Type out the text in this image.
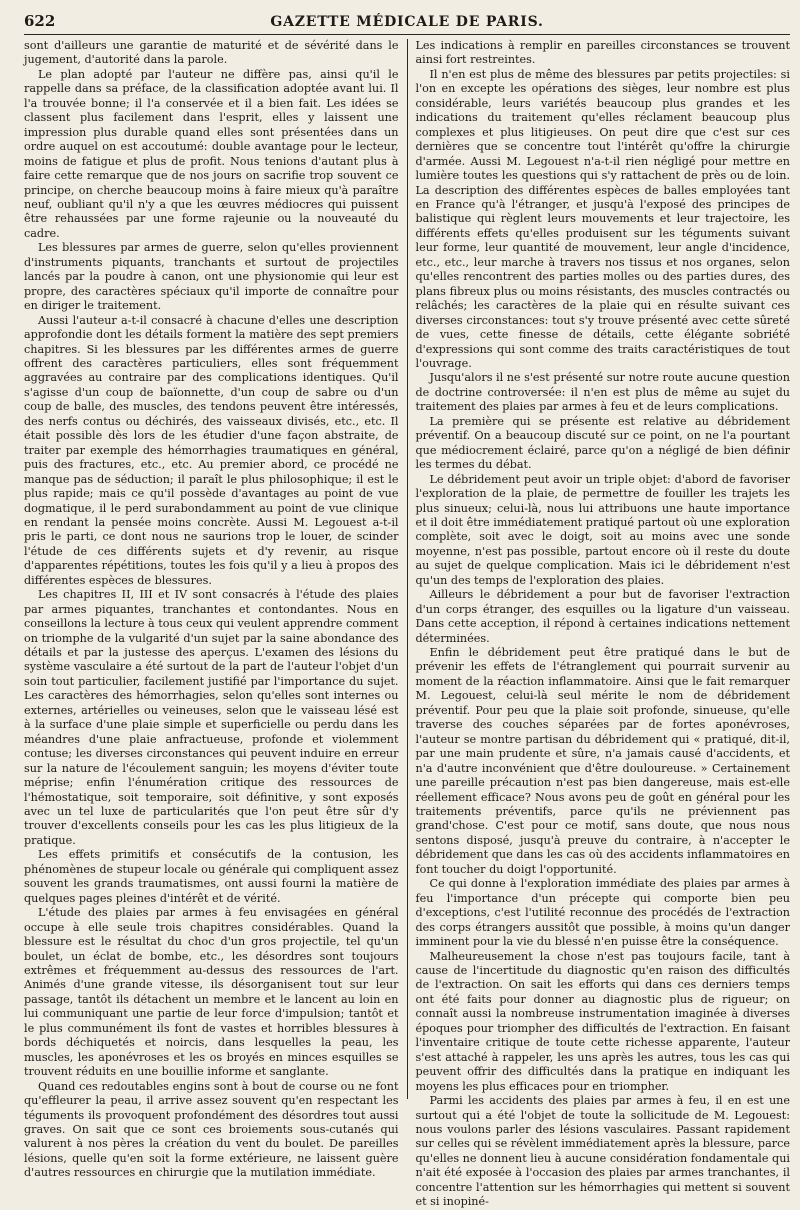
622	GAZETTE MÉDICALE DE PARIS.

sont d'ailleurs une garantie de maturité et de sévérité dans le jugement, d'autorité dans la parole.

Le plan adopté par l'auteur ne diffère pas, ainsi qu'il le rappelle dans sa préface, de la classification adoptée avant lui. Il l'a trouvée bonne; il l'a conservée et il a bien fait. Les idées se classent plus facilement dans l'esprit, elles y laissent une impression plus durable quand elles sont présentées dans un ordre auquel on est accoutumé: double avantage pour le lecteur, moins de fatigue et plus de profit. Nous tenions d'autant plus à faire cette remarque que de nos jours on sacrifie trop souvent ce principe, on cherche beaucoup moins à faire mieux qu'à paraître neuf, oubliant qu'il n'y a que les œuvres médiocres qui puissent être rehaussées par une forme rajeunie ou la nouveauté du cadre.

Les blessures par armes de guerre, selon qu'elles proviennent d'instruments piquants, tranchants et surtout de projectiles lancés par la poudre à canon, ont une physionomie qui leur est propre, des caractères spéciaux qu'il importe de connaître pour en diriger le traitement.

Aussi l'auteur a-t-il consacré à chacune d'elles une description approfondie dont les détails forment la matière des sept premiers chapitres. Si les blessures par les différentes armes de guerre offrent des caractères particuliers, elles sont fréquemment aggravées au contraire par des complications identiques. Qu'il s'agisse d'un coup de baïonnette, d'un coup de sabre ou d'un coup de balle, des muscles, des tendons peuvent être intéressés, des nerfs contus ou déchirés, des vaisseaux divisés, etc., etc. Il était possible dès lors de les étudier d'une façon abstraite, de traiter par exemple des hémorrhagies traumatiques en général, puis des fractures, etc., etc. Au premier abord, ce procédé ne manque pas de séduction; il paraît le plus philosophique; il est le plus rapide; mais ce qu'il possède d'avantages au point de vue dogmatique, il le perd surabondamment au point de vue clinique en rendant la pensée moins concrète. Aussi M. Legouest a-t-il pris le parti, ce dont nous ne saurions trop le louer, de scinder l'étude de ces différents sujets et d'y revenir, au risque d'apparentes répétitions, toutes les fois qu'il y a lieu à propos des différentes espèces de blessures.

Les chapitres II, III et IV sont consacrés à l'étude des plaies par armes piquantes, tranchantes et contondantes. Nous en conseillons la lecture à tous ceux qui veulent apprendre comment on triomphe de la vulgarité d'un sujet par la saine abondance des détails et par la justesse des aperçus. L'examen des lésions du système vasculaire a été surtout de la part de l'auteur l'objet d'un soin tout particulier, facilement justifié par l'importance du sujet. Les caractères des hémorrhagies, selon qu'elles sont internes ou externes, artérielles ou veineuses, selon que le vaisseau lésé est à la surface d'une plaie simple et superficielle ou perdu dans les méandres d'une plaie anfractueuse, profonde et violemment contuse; les diverses circonstances qui peuvent induire en erreur sur la nature de l'écoulement sanguin; les moyens d'éviter toute méprise; enfin l'énumération critique des ressources de l'hémostatique, soit temporaire, soit définitive, y sont exposés avec un tel luxe de particularités que l'on peut être sûr d'y trouver d'excellents conseils pour les cas les plus litigieux de la pratique.

Les effets primitifs et consécutifs de la contusion, les phénomènes de stupeur locale ou générale qui compliquent assez souvent les grands traumatismes, ont aussi fourni la matière de quelques pages pleines d'intérêt et de vérité.

L'étude des plaies par armes à feu envisagées en général occupe à elle seule trois chapitres considérables. Quand la blessure est le résultat du choc d'un gros projectile, tel qu'un boulet, un éclat de bombe, etc., les désordres sont toujours extrêmes et fréquemment au-dessus des ressources de l'art. Animés d'une grande vitesse, ils désorganisent tout sur leur passage, tantôt ils détachent un membre et le lancent au loin en lui communiquant une partie de leur force d'impulsion; tantôt et le plus communément ils font de vastes et horribles blessures à bords déchiquetés et noircis, dans lesquelles la peau, les muscles, les aponévroses et les os broyés en minces esquilles se trouvent réduits en une bouillie informe et sanglante.

Quand ces redoutables engins sont à bout de course ou ne font qu'effleurer la peau, il arrive assez souvent qu'en respectant les téguments ils provoquent profondément des désordres tout aussi graves. On sait que ce sont ces broiements sous-cutanés qui valurent à nos pères la création du vent du boulet. De pareilles lésions, quelle qu'en soit la forme extérieure, ne laissent guère d'autres ressources en chirurgie que la mutilation immédiate.

Les indications à remplir en pareilles circonstances se trouvent ainsi fort restreintes.

Il n'en est plus de même des blessures par petits projectiles: si l'on en excepte les opérations des sièges, leur nombre est plus considérable, leurs variétés beaucoup plus grandes et les indications du traitement qu'elles réclament beaucoup plus complexes et plus litigieuses. On peut dire que c'est sur ces dernières que se concentre tout l'intérêt qu'offre la chirurgie d'armée. Aussi M. Legouest n'a-t-il rien négligé pour mettre en lumière toutes les questions qui s'y rattachent de près ou de loin. La description des différentes espèces de balles employées tant en France qu'à l'étranger, et jusqu'à l'exposé des principes de balistique qui règlent leurs mouvements et leur trajectoire, les différents effets qu'elles produisent sur les téguments suivant leur forme, leur quantité de mouvement, leur angle d'incidence, etc., etc., leur marche à travers nos tissus et nos organes, selon qu'elles rencontrent des parties molles ou des parties dures, des plans fibreux plus ou moins résistants, des muscles contractés ou relâchés; les caractères de la plaie qui en résulte suivant ces diverses circonstances: tout s'y trouve présenté avec cette sûreté de vues, cette finesse de détails, cette élégante sobriété d'expressions qui sont comme des traits caractéristiques de tout l'ouvrage.

Jusqu'alors il ne s'est présenté sur notre route aucune question de doctrine controversée: il n'en est plus de même au sujet du traitement des plaies par armes à feu et de leurs complications.

La première qui se présente est relative au débridement préventif. On a beaucoup discuté sur ce point, on ne l'a pourtant que médiocrement éclairé, parce qu'on a négligé de bien définir les termes du débat.

Le débridement peut avoir un triple objet: d'abord de favoriser l'exploration de la plaie, de permettre de fouiller les trajets les plus sinueux; celui-là, nous lui attribuons une haute importance et il doit être immédiatement pratiqué partout où une exploration complète, soit avec le doigt, soit au moins avec une sonde moyenne, n'est pas possible, partout encore où il reste du doute au sujet de quelque complication. Mais ici le débridement n'est qu'un des temps de l'exploration des plaies.

Ailleurs le débridement a pour but de favoriser l'extraction d'un corps étranger, des esquilles ou la ligature d'un vaisseau. Dans cette acception, il répond à certaines indications nettement déterminées.

Enfin le débridement peut être pratiqué dans le but de prévenir les effets de l'étranglement qui pourrait survenir au moment de la réaction inflammatoire. Ainsi que le fait remarquer M. Legouest, celui-là seul mérite le nom de débridement préventif. Pour peu que la plaie soit profonde, sinueuse, qu'elle traverse des couches séparées par de fortes aponévroses, l'auteur se montre partisan du débridement qui « pratiqué, dit-il, par une main prudente et sûre, n'a jamais causé d'accidents, et n'a d'autre inconvénient que d'être douloureuse. » Certainement une pareille précaution n'est pas bien dangereuse, mais est-elle réellement efficace? Nous avons peu de goût en général pour les traitements préventifs, parce qu'ils ne préviennent pas grand'chose. C'est pour ce motif, sans doute, que nous nous sentons disposé, jusqu'à preuve du contraire, à n'accepter le débridement que dans les cas où des accidents inflammatoires en font toucher du doigt l'opportunité.

Ce qui donne à l'exploration immédiate des plaies par armes à feu l'importance d'un précepte qui comporte bien peu d'exceptions, c'est l'utilité reconnue des procédés de l'extraction des corps étrangers aussitôt que possible, à moins qu'un danger imminent pour la vie du blessé n'en puisse être la conséquence.

Malheureusement la chose n'est pas toujours facile, tant à cause de l'incertitude du diagnostic qu'en raison des difficultés de l'extraction. On sait les efforts qui dans ces derniers temps ont été faits pour donner au diagnostic plus de rigueur; on connaît aussi la nombreuse instrumentation imaginée à diverses époques pour triompher des difficultés de l'extraction. En faisant l'inventaire critique de toute cette richesse apparente, l'auteur s'est attaché à rappeler, les uns après les autres, tous les cas qui peuvent offrir des difficultés dans la pratique en indiquant les moyens les plus efficaces pour en triompher.

Parmi les accidents des plaies par armes à feu, il en est une surtout qui a été l'objet de toute la sollicitude de M. Legouest: nous voulons parler des lésions vasculaires. Passant rapidement sur celles qui se révèlent immédiatement après la blessure, parce qu'elles ne donnent lieu à aucune considération fondamentale qui n'ait été exposée à l'occasion des plaies par armes tranchantes, il concentre l'attention sur les hémorrhagies qui mettent si souvent et si inopiné-
